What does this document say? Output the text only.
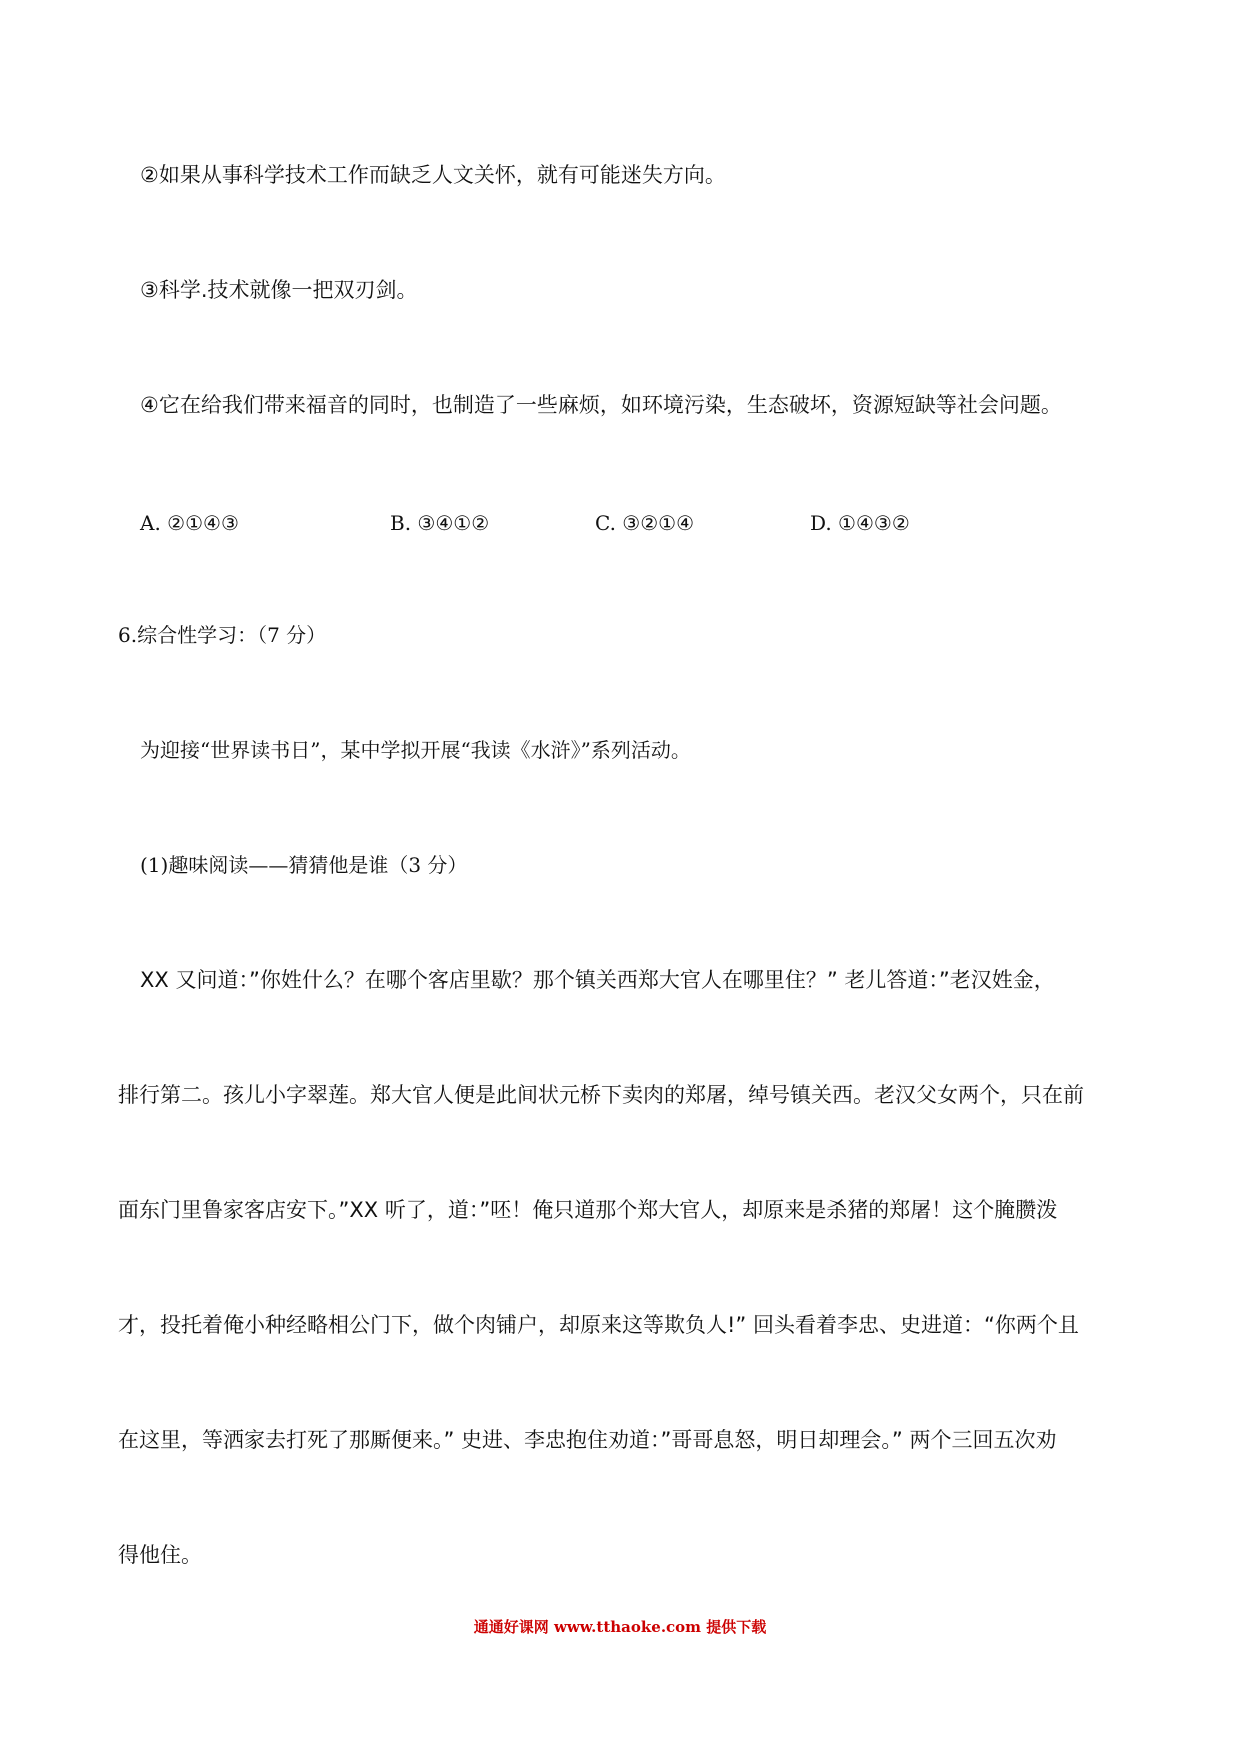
②如果从事科学技术工作而缺乏人文关怀，就有可能迷失方向。
③科学.技术就像一把双刃剑。
④它在给我们带来福音的同时，也制造了一些麻烦，如环境污染，生态破坏，资源短缺等社会问题。
A. ②①④③	B. ③④①②	C. ③②①④	D. ①④③②
6.综合性学习：（7 分）
为迎接“世界读书日”，某中学拟开展“我读《水浒》”系列活动。
(1)趣味阅读——猜猜他是谁（3 分）
XX 又问道：”你姓什么？在哪个客店里歇？那个镇关西郑大官人在哪里住？” 老儿答道：”老汉姓金，
排行第二。孩儿小字翠莲。郑大官人便是此间状元桥下卖肉的郑屠，绰号镇关西。老汉父女两个，只在前
面东门里鲁家客店安下。”XX 听了，道：”呸！俺只道那个郑大官人，却原来是杀猪的郑屠！这个腌臜泼
才，投托着俺小种经略相公门下，做个肉铺户，却原来这等欺负人!” 回头看着李忠、史进道：“你两个且
在这里，等洒家去打死了那厮便来。” 史进、李忠抱住劝道：”哥哥息怒，明日却理会。” 两个三回五次劝
得他住。
通通好课网 www.tthaoke.com 提供下载
